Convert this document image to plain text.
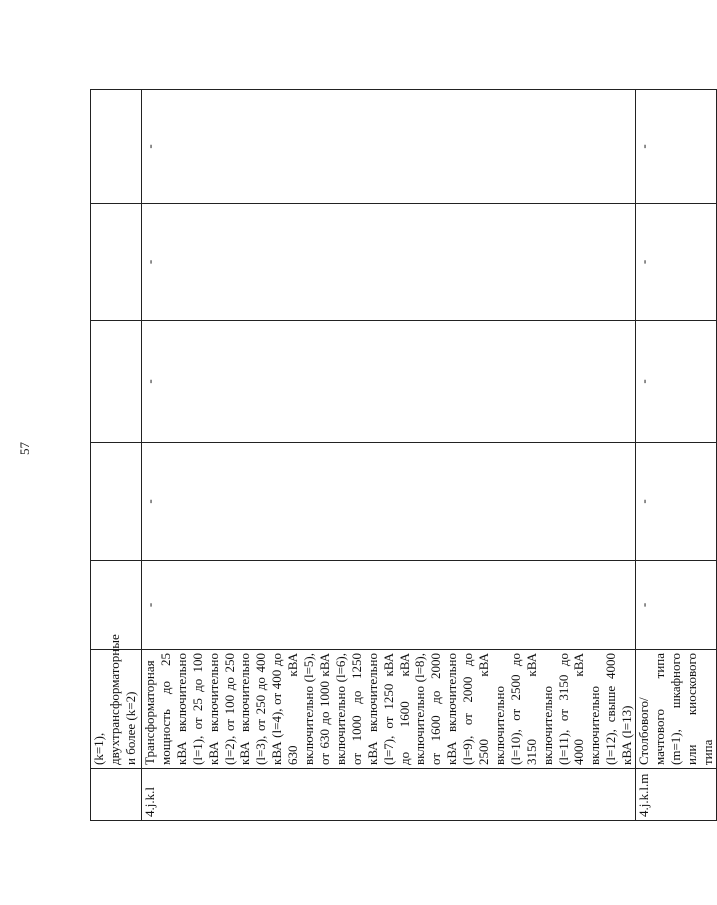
57
	(k=1), двухтрансформаторные и более (k=2)					
4.j.k.l	Трансформаторная мощность до 25 кВА включительно (l=1), от 25 до 100 кВА включительно (l=2), от 100 до 250 кВА включительно (l=3), от 250 до 400 кВА (l=4), от 400 до 630 кВА включительно (l=5), от 630 до 1000 кВА включительно (l=6), от 1000 до 1250 кВА включительно (l=7), от 1250 кВА до 1600 кВА включительно (l=8), от 1600 до 2000 кВА включительно (l=9), от 2000 до 2500 кВА включительно (l=10), от 2500 до 3150 кВА включительно (l=11), от 3150 до 4000 кВА включительно (l=12), свыше 4000 кВА (l=13)	-	-	-	-	-
4.j.k.l.m	Столбового/мачтового типа (m=1), шкафного или киоскового типа	-	-	-	-	-
